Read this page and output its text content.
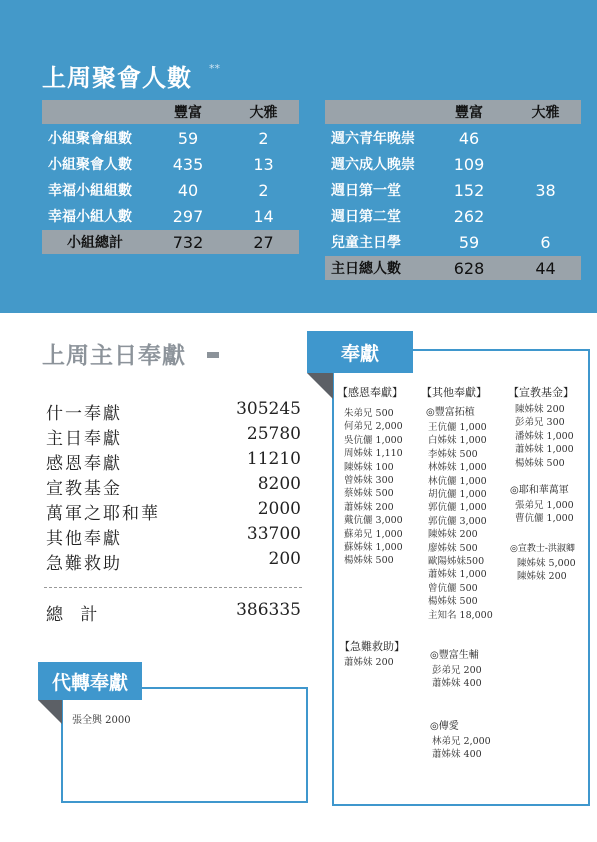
上周聚會人數 **
	豐富	大雅
小組聚會組數	59	2
小組聚會人數	435	13
幸福小組組數	40	2
幸福小組人數	297	14
小組總計	732	27
	豐富	大雅
週六青年晚崇	46	
週六成人晚崇	109	
週日第一堂	152	38
週日第二堂	262	
兒童主日學	59	6
主日總人數	628	44
上周主日奉獻
什一奉獻	305245
主日奉獻	25780
感恩奉獻	11210
宣教基金	8200
萬軍之耶和華	2000
其他奉獻	33700
急難救助	200
總 計	386335
代轉奉獻
張全興 2000
奉獻
【感恩奉獻】
朱弟兄 500
何弟兄 2,000
吳伉儷 1,000
周姊妹 1,110
陳姊妹 100
曾姊妹 300
蔡姊妹 500
蕭姊妹 200
戴伉儷 3,000
蘇弟兄 1,000
蘇姊妹 1,000
楊姊妹 500
【其他奉獻】
◎豐富拓植
王伉儷 1,000
白姊妹 1,000
李姊妹 500
林姊妹 1,000
林伉儷 1,000
胡伉儷 1,000
郭伉儷 1,000
郭伉儷 3,000
陳姊妹 200
廖姊妹 500
歐陽姊妹500
蕭姊妹 1,000
曾伉儷 500
楊姊妹 500
主知名 18,000
【宣教基金】
陳姊妹 200
彭弟兄 300
潘姊妹 1,000
蕭姊妹 1,000
楊姊妹 500
◎耶和華萬軍
張弟兄 1,000
曹伉儷 1,000
◎宣教士-洪淑卿
陳姊妹 5,000
陳姊妹 200
【急難救助】
蕭姊妹 200
◎豐富生輔
彭弟兄 200
蕭姊妹 400
◎傳愛
林弟兄 2,000
蕭姊妹 400
